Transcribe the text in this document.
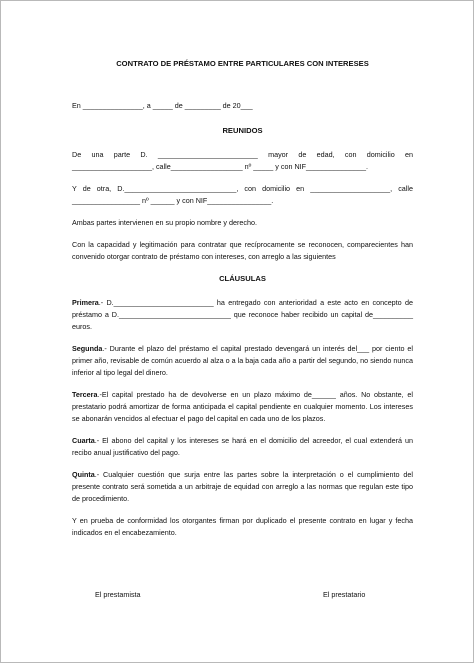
CONTRATO DE PRÉSTAMO ENTRE PARTICULARES CON INTERESES
En _______________, a _____ de _________ de 20___
REUNIDOS

De una parte D. _________________________ mayor de edad, con domicilio en ____________________, calle__________________ nº _____ y con NIF_______________.

Y de otra, D.____________________________, con domicilio en ____________________, calle _________________ nº ______ y con NIF________________.

Ambas partes intervienen en su propio nombre y derecho.

Con la capacidad y legitimación para contratar que recíprocamente se reconocen, comparecientes han convenido otorgar contrato de préstamo con intereses, con arreglo a las siguientes

CLÁUSULAS

Primera.- D._________________________ ha entregado con anterioridad a este acto en concepto de préstamo a D.____________________________ que reconoce haber recibido un capital de__________ euros.

Segunda.- Durante el plazo del préstamo el capital prestado devengará un interés del___ por ciento el primer año, revisable de común acuerdo al alza o a la baja cada año a partir del segundo, no siendo nunca inferior al tipo legal del dinero.

Tercera.-El capital prestado ha de devolverse en un plazo máximo de______ años. No obstante, el prestatario podrá amortizar de forma anticipada el capital pendiente en cualquier momento. Los intereses se abonarán vencidos al efectuar el pago del capital en cada uno de los plazos.

Cuarta.- El abono del capital y los intereses se hará en el domicilio del acreedor, el cual extenderá un recibo anual justificativo del pago.

Quinta.- Cualquier cuestión que surja entre las partes sobre la interpretación o el cumplimiento del presente contrato será sometida a un arbitraje de equidad con arreglo a las normas que regulan este tipo de procedimiento.

Y en prueba de conformidad los otorgantes firman por duplicado el presente contrato en lugar y fecha indicados en el encabezamiento.

El prestamista	El prestatario
